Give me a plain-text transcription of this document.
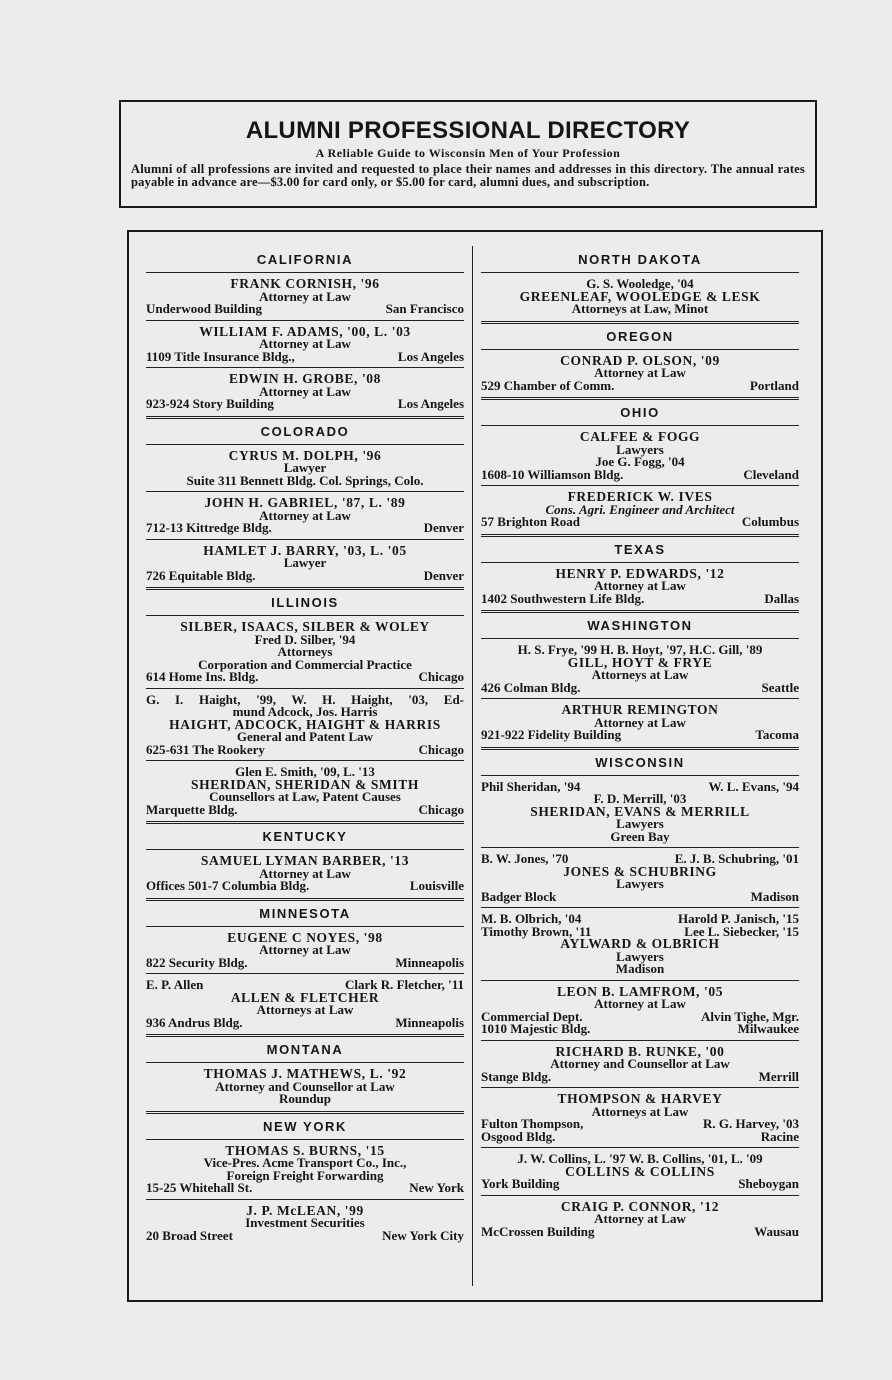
ALUMNI PROFESSIONAL DIRECTORY
A Reliable Guide to Wisconsin Men of Your Profession
Alumni of all professions are invited and requested to place their names and addresses in this directory. The annual rates payable in advance are—$3.00 for card only, or $5.00 for card, alumni dues, and subscription.
CALIFORNIA
FRANK CORNISH, '96
Attorney at Law
Underwood Building	San Francisco
WILLIAM F. ADAMS, '00, L. '03
Attorney at Law
1109 Title Insurance Bldg.,	Los Angeles
EDWIN H. GROBE, '08
Attorney at Law
923-924 Story Building	Los Angeles
COLORADO
CYRUS M. DOLPH, '96
Lawyer
Suite 311 Bennett Bldg. Col. Springs, Colo.
JOHN H. GABRIEL, '87, L. '89
Attorney at Law
712-13 Kittredge Bldg.	Denver
HAMLET J. BARRY, '03, L. '05
Lawyer
726 Equitable Bldg.	Denver
ILLINOIS
SILBER, ISAACS, SILBER & WOLEY
Fred D. Silber, '94
Attorneys
Corporation and Commercial Practice
614 Home Ins. Bldg.	Chicago
G. I. Haight, '99, W. H. Haight, '03, Ed-
mund Adcock, Jos. Harris
HAIGHT, ADCOCK, HAIGHT & HARRIS
General and Patent Law
625-631 The Rookery	Chicago
Glen E. Smith, '09, L. '13
SHERIDAN, SHERIDAN & SMITH
Counsellors at Law, Patent Causes
Marquette Bldg.	Chicago
KENTUCKY
SAMUEL LYMAN BARBER, '13
Attorney at Law
Offices 501-7 Columbia Bldg.	Louisville
MINNESOTA
EUGENE C NOYES, '98
Attorney at Law
822 Security Bldg.	Minneapolis
E. P. Allen	Clark R. Fletcher, '11
ALLEN & FLETCHER
Attorneys at Law
936 Andrus Bldg.	Minneapolis
MONTANA
THOMAS J. MATHEWS, L. '92
Attorney and Counsellor at Law
Roundup
NEW YORK
THOMAS S. BURNS, '15
Vice-Pres. Acme Transport Co., Inc.,
Foreign Freight Forwarding
15-25 Whitehall St.	New York
J. P. McLEAN, '99
Investment Securities
20 Broad Street	New York City
NORTH DAKOTA
G. S. Wooledge, '04
GREENLEAF, WOOLEDGE & LESK
Attorneys at Law, Minot
OREGON
CONRAD P. OLSON, '09
Attorney at Law
529 Chamber of Comm.	Portland
OHIO
CALFEE & FOGG
Lawyers
Joe G. Fogg, '04
1608-10 Williamson Bldg.	Cleveland
FREDERICK W. IVES
Cons. Agri. Engineer and Architect
57 Brighton Road	Columbus
TEXAS
HENRY P. EDWARDS, '12
Attorney at Law
1402 Southwestern Life Bldg.	Dallas
WASHINGTON
H. S. Frye, '99 H. B. Hoyt, '97, H.C. Gill, '89
GILL, HOYT & FRYE
Attorneys at Law
426 Colman Bldg.	Seattle
ARTHUR REMINGTON
Attorney at Law
921-922 Fidelity Building	Tacoma
WISCONSIN
Phil Sheridan, '94	W. L. Evans, '94
F. D. Merrill, '03
SHERIDAN, EVANS & MERRILL
Lawyers
Green Bay
B. W. Jones, '70	E. J. B. Schubring, '01
JONES & SCHUBRING
Lawyers
Badger Block	Madison
M. B. Olbrich, '04	Harold P. Janisch, '15
Timothy Brown, '11	Lee L. Siebecker, '15
AYLWARD & OLBRICH
Lawyers
Madison
LEON B. LAMFROM, '05
Attorney at Law
Commercial Dept.	Alvin Tighe, Mgr.
1010 Majestic Bldg.	Milwaukee
RICHARD B. RUNKE, '00
Attorney and Counsellor at Law
Stange Bldg.	Merrill
THOMPSON & HARVEY
Attorneys at Law
Fulton Thompson,	R. G. Harvey, '03
Osgood Bldg.	Racine
J. W. Collins, L. '97 W. B. Collins, '01, L. '09
COLLINS & COLLINS
York Building	Sheboygan
CRAIG P. CONNOR, '12
Attorney at Law
McCrossen Building	Wausau
